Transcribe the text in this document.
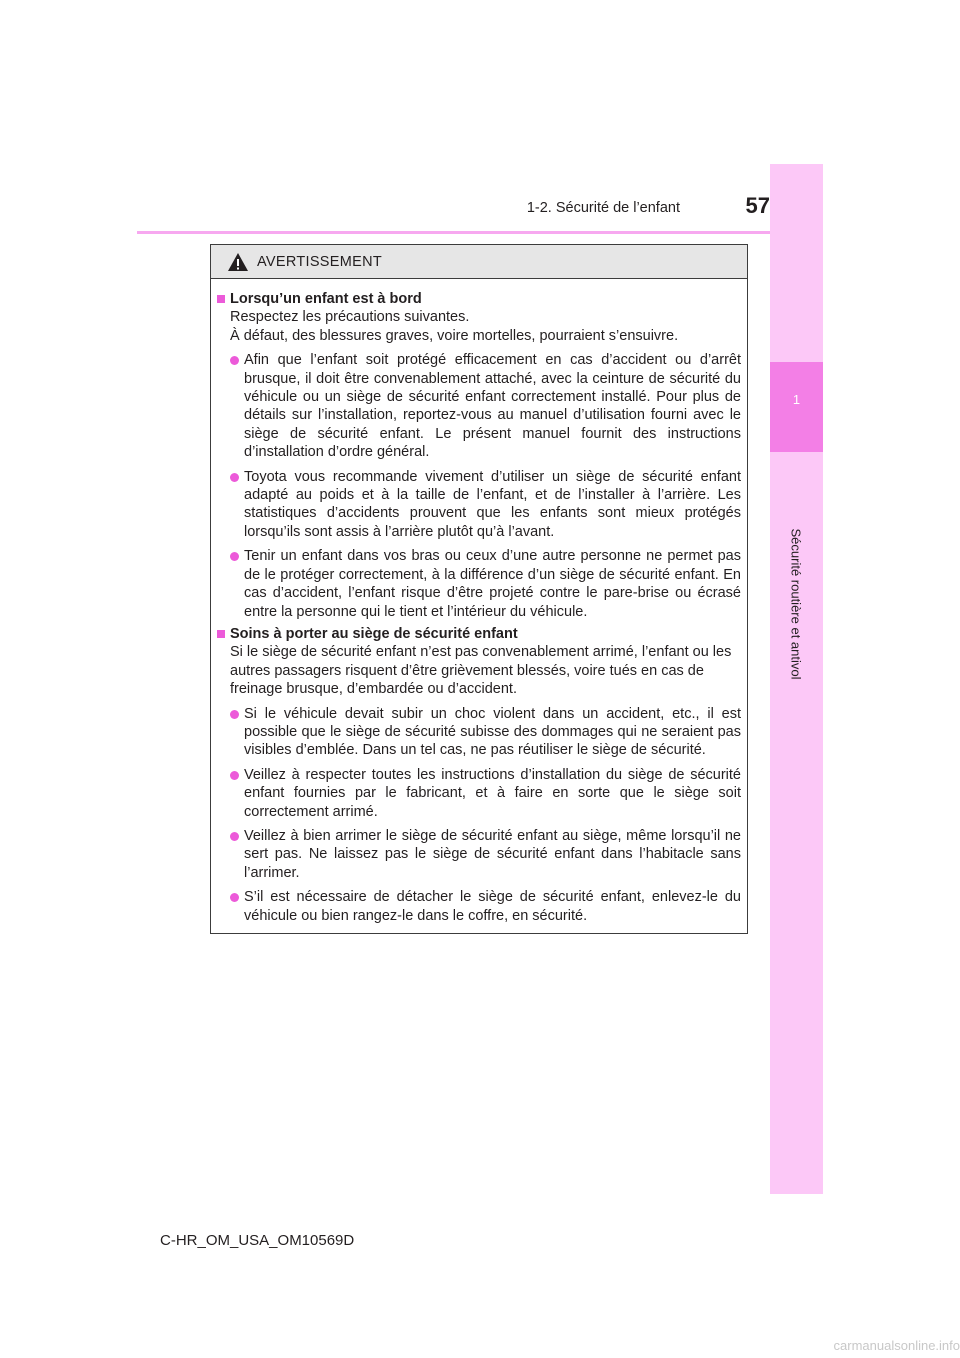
1-2. Sécurité de l’enfant	57
1
Sécurité routière et antivol
AVERTISSEMENT
Lorsqu’un enfant est à bord

Respectez les précautions suivantes.

À défaut, des blessures graves, voire mortelles, pourraient s’ensuivre.

Afin que l’enfant soit protégé efficacement en cas d’accident ou d’arrêt brusque, il doit être convenablement attaché, avec la ceinture de sécurité du véhicule ou un siège de sécurité enfant correctement installé. Pour plus de détails sur l’installation, reportez-vous au manuel d’utilisation fourni avec le siège de sécurité enfant. Le présent manuel fournit des instructions d’installation d’ordre général.
Toyota vous recommande vivement d’utiliser un siège de sécurité enfant adapté au poids et à la taille de l’enfant, et de l’installer à l’arrière. Les statistiques d’accidents prouvent que les enfants sont mieux protégés lorsqu’ils sont assis à l’arrière plutôt qu’à l’avant.
Tenir un enfant dans vos bras ou ceux d’une autre personne ne permet pas de le protéger correctement, à la différence d’un siège de sécurité enfant. En cas d’accident, l’enfant risque d’être projeté contre le pare-brise ou écrasé entre la personne qui le tient et l’intérieur du véhicule.
Soins à porter au siège de sécurité enfant

Si le siège de sécurité enfant n’est pas convenablement arrimé, l’enfant ou les autres passagers risquent d’être grièvement blessés, voire tués en cas de freinage brusque, d’embardée ou d’accident.

Si le véhicule devait subir un choc violent dans un accident, etc., il est possible que le siège de sécurité subisse des dommages qui ne seraient pas visibles d’emblée. Dans un tel cas, ne pas réutiliser le siège de sécurité.
Veillez à respecter toutes les instructions d’installation du siège de sécurité enfant fournies par le fabricant, et à faire en sorte que le siège soit correctement arrimé.
Veillez à bien arrimer le siège de sécurité enfant au siège, même lorsqu’il ne sert pas. Ne laissez pas le siège de sécurité enfant dans l’habitacle sans l’arrimer.
S’il est nécessaire de détacher le siège de sécurité enfant, enlevez-le du véhicule ou bien rangez-le dans le coffre, en sécurité.
C-HR_OM_USA_OM10569D
carmanualsonline.info
